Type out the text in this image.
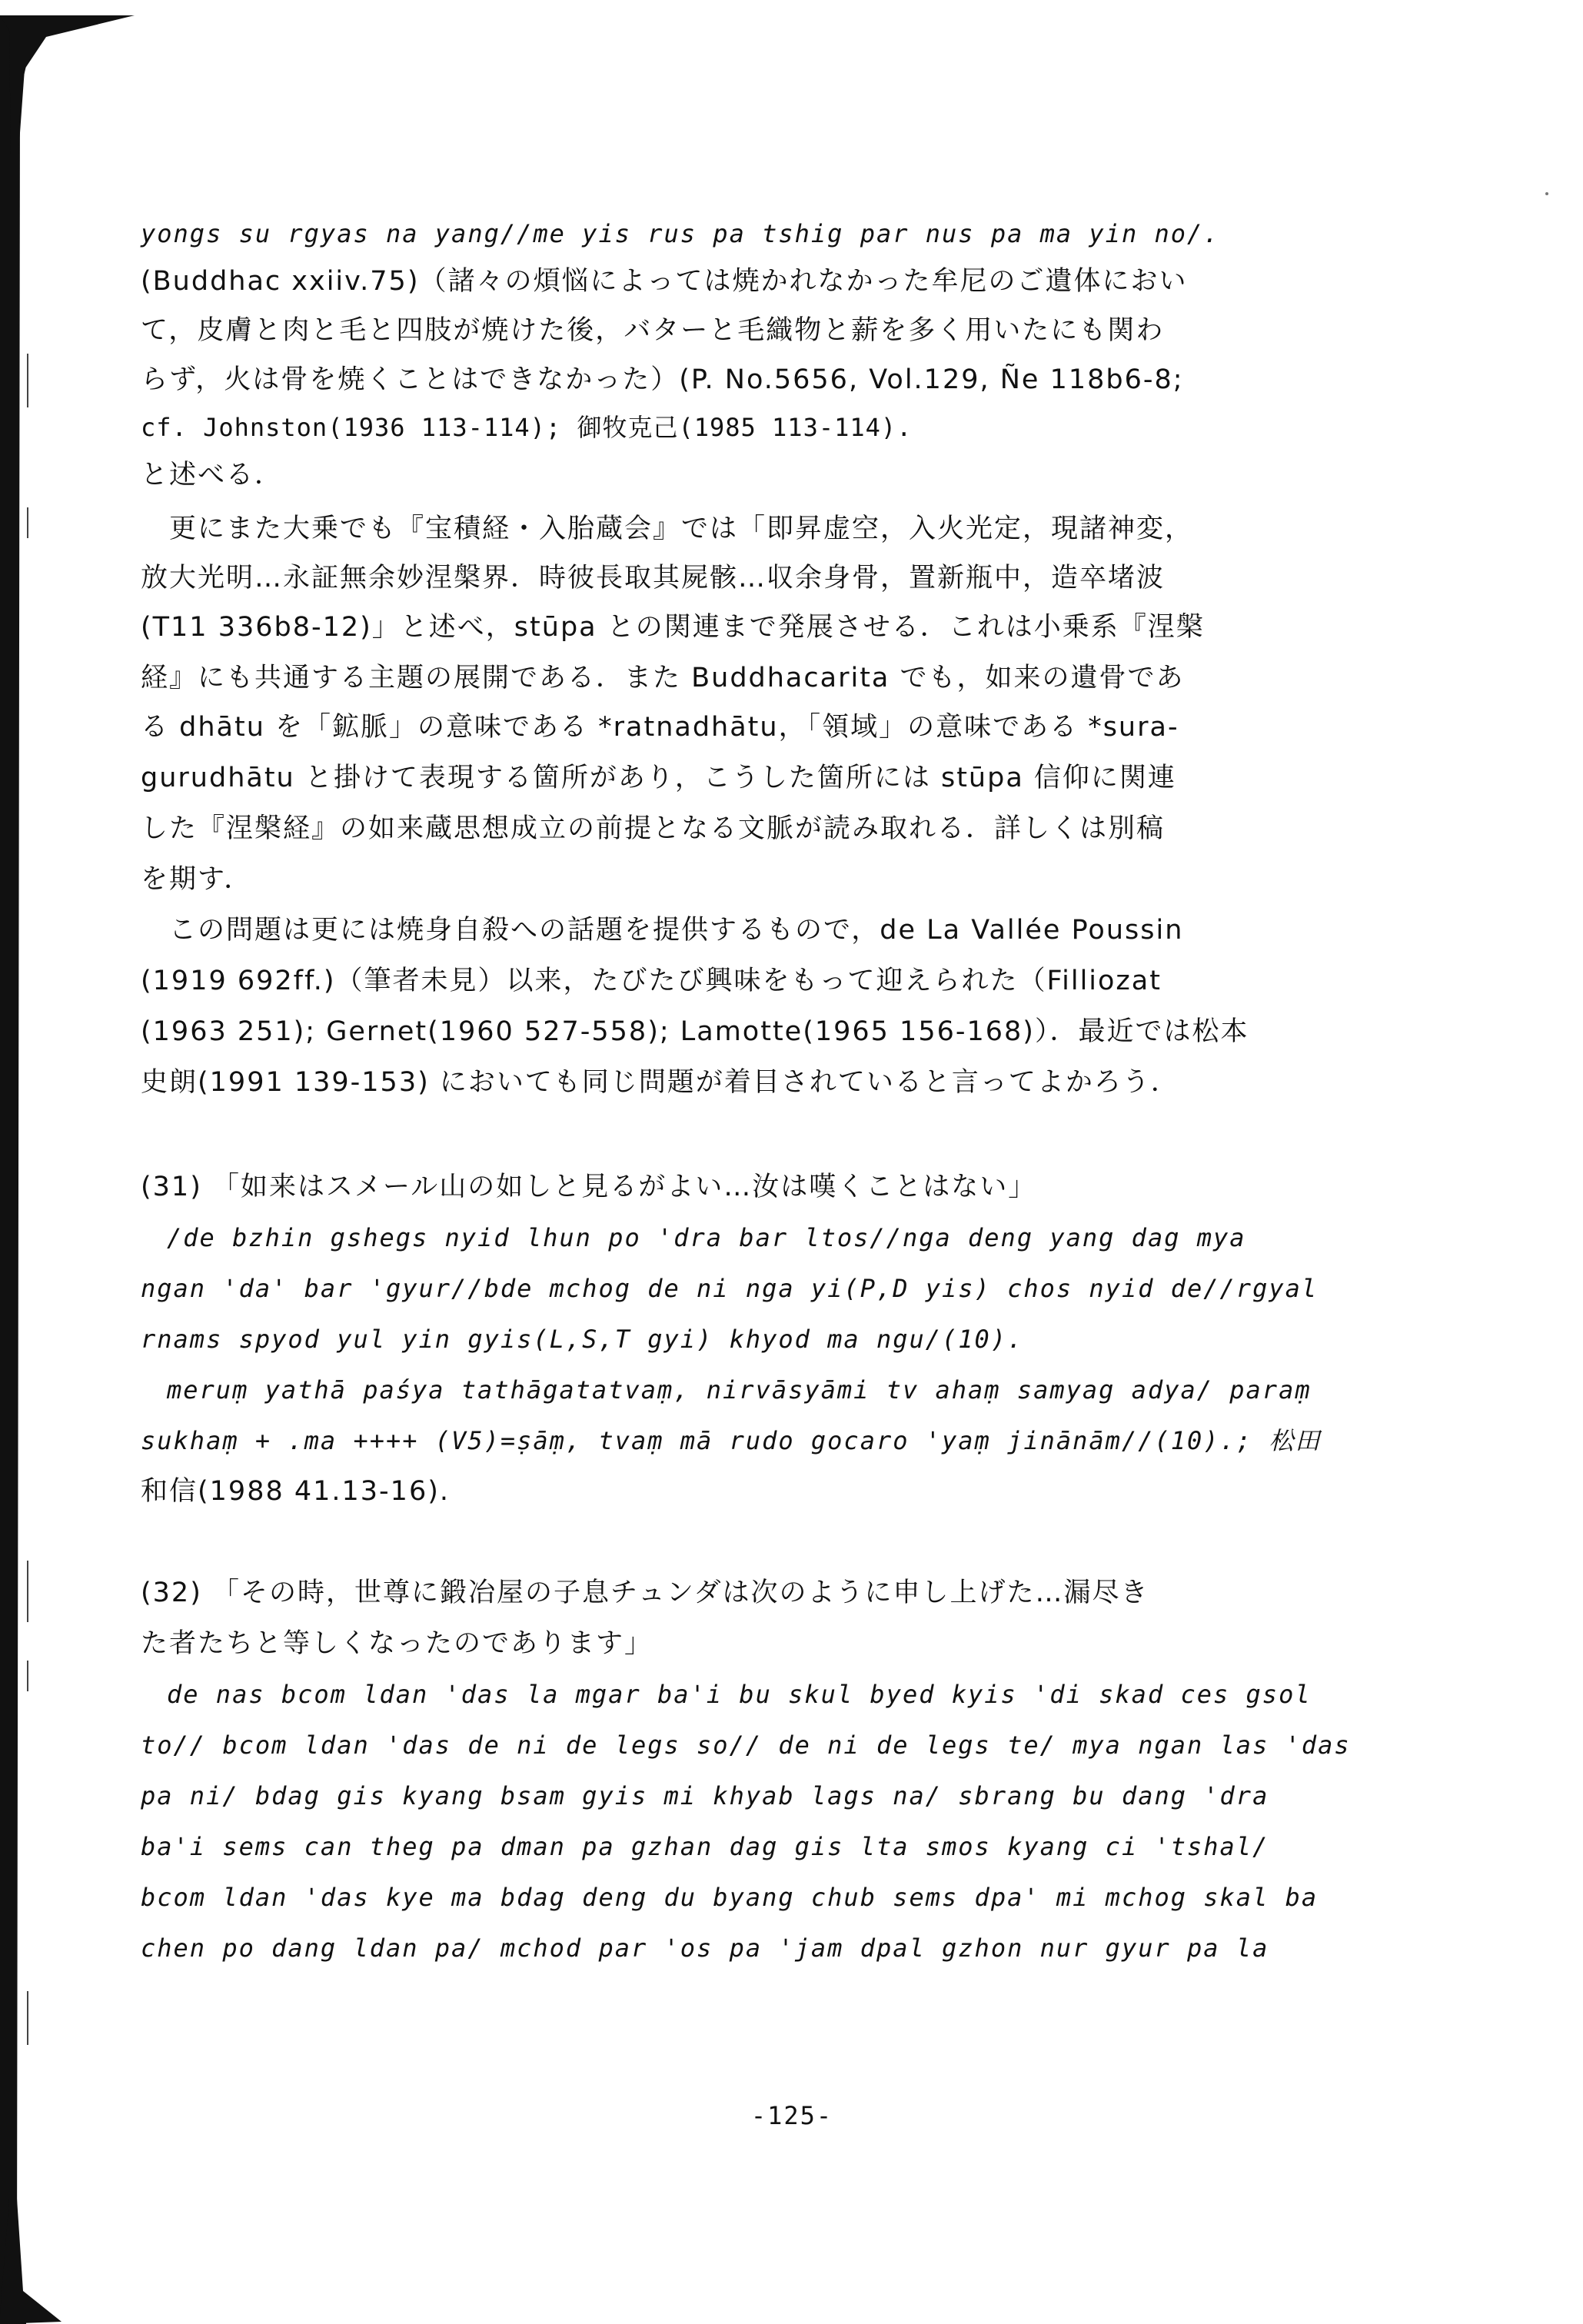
yongs su rgyas na yang//me yis rus pa tshig par nus pa ma yin no/.
(Buddhac xxiiv.75)（諸々の煩悩によっては焼かれなかった牟尼のご遺体におい
て，皮膚と肉と毛と四肢が焼けた後，バターと毛織物と薪を多く用いたにも関わ
らず，火は骨を焼くことはできなかった）(P. No.5656, Vol.129, Ñe 118b6-8;
cf. Johnston(1936 113-114); 御牧克己(1985 113-114).
と述べる．
　更にまた大乗でも『宝積経・入胎蔵会』では「即昇虚空，入火光定，現諸神変，
放大光明…永証無余妙涅槃界．時彼長取其屍骸…収余身骨，置新瓶中，造卒堵波
(T11 336b8-12)」と述べ，stūpa との関連まで発展させる．これは小乗系『涅槃
経』にも共通する主題の展開である．また Buddhacarita でも，如来の遺骨であ
る dhātu を「鉱脈」の意味である *ratnadhātu，「領域」の意味である *sura-
gurudhātu と掛けて表現する箇所があり，こうした箇所には stūpa 信仰に関連
した『涅槃経』の如来蔵思想成立の前提となる文脈が読み取れる．詳しくは別稿
を期す．
　この問題は更には焼身自殺への話題を提供するもので，de La Vallée Poussin
(1919 692ff.)（筆者未見）以来，たびたび興味をもって迎えられた（Filliozat
(1963 251); Gernet(1960 527-558); Lamotte(1965 156-168)）．最近では松本
史朗(1991 139-153) においても同じ問題が着目されていると言ってよかろう．
(31) 「如来はスメール山の如しと見るがよい…汝は嘆くことはない」
　/de bzhin gshegs nyid lhun po 'dra bar ltos//nga deng yang dag mya
ngan 'da' bar 'gyur//bde mchog de ni nga yi(P,D yis) chos nyid de//rgyal
rnams spyod yul yin gyis(L,S,T gyi) khyod ma ngu/(10).
　meruṃ yathā paśya tathāgatatvaṃ, nirvāsyāmi tv ahaṃ samyag adya/ paraṃ
sukhaṃ + .ma ++++ (V5)=ṣāṃ, tvaṃ mā rudo gocaro 'yaṃ jinānām//(10).; 松田
和信(1988 41.13-16).
(32) 「その時，世尊に鍛冶屋の子息チュンダは次のように申し上げた…漏尽き
た者たちと等しくなったのであります」
　de nas bcom ldan 'das la mgar ba'i bu skul byed kyis 'di skad ces gsol
to// bcom ldan 'das de ni de legs so// de ni de legs te/ mya ngan las 'das
pa ni/ bdag gis kyang bsam gyis mi khyab lags na/ sbrang bu dang 'dra
ba'i sems can theg pa dman pa gzhan dag gis lta smos kyang ci 'tshal/
bcom ldan 'das kye ma bdag deng du byang chub sems dpa' mi mchog skal ba
chen po dang ldan pa/ mchod par 'os pa 'jam dpal gzhon nur gyur pa la
-125-
